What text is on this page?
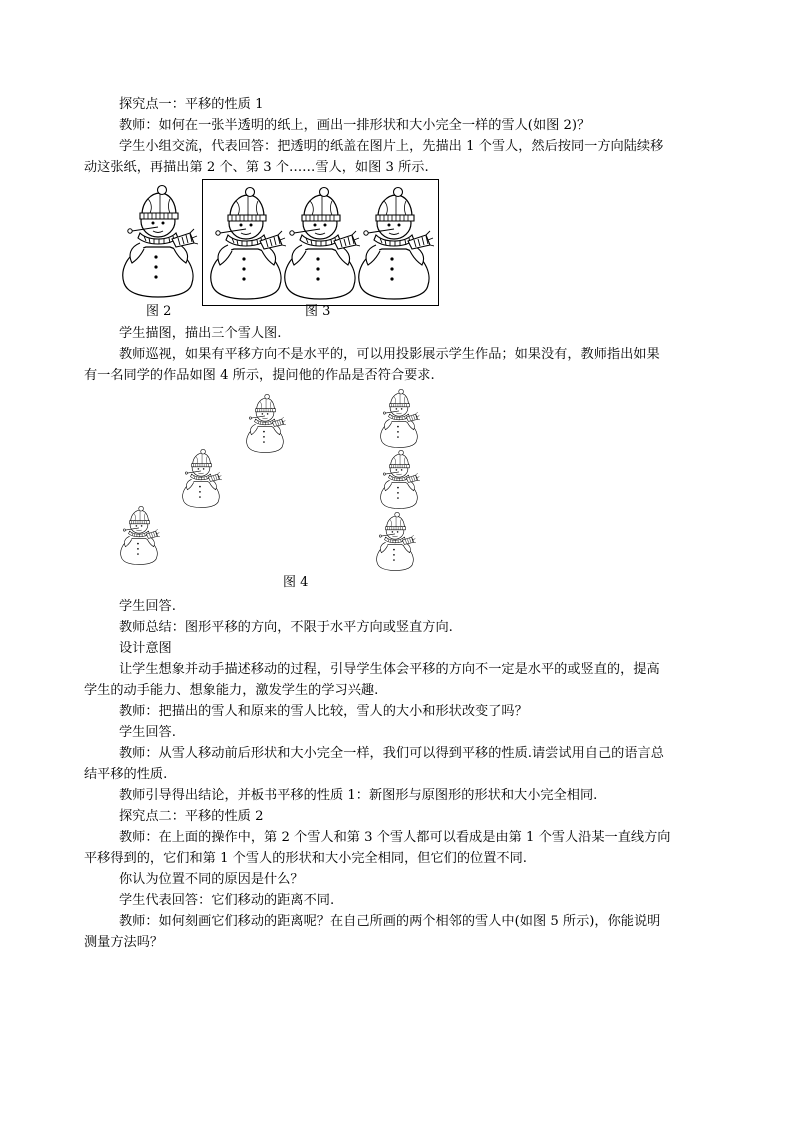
探究点一：平移的性质 1
教师：如何在一张半透明的纸上，画出一排形状和大小完全一样的雪人(如图 2)？
学生小组交流，代表回答：把透明的纸盖在图片上，先描出 1 个雪人，然后按同一方向陆续移
动这张纸，再描出第 2 个、第 3 个……雪人，如图 3 所示.
图 2	图 3
学生描图，描出三个雪人图.
教师巡视，如果有平移方向不是水平的，可以用投影展示学生作品；如果没有，教师指出如果
有一名同学的作品如图 4 所示，提问他的作品是否符合要求.
图 4
学生回答.
教师总结：图形平移的方向，不限于水平方向或竖直方向.
设计意图
让学生想象并动手描述移动的过程，引导学生体会平移的方向不一定是水平的或竖直的，提高
学生的动手能力、想象能力，激发学生的学习兴趣.
教师：把描出的雪人和原来的雪人比较，雪人的大小和形状改变了吗？
学生回答.
教师：从雪人移动前后形状和大小完全一样，我们可以得到平移的性质.请尝试用自己的语言总
结平移的性质.
教师引导得出结论，并板书平移的性质 1：新图形与原图形的形状和大小完全相同.
探究点二：平移的性质 2
教师：在上面的操作中，第 2 个雪人和第 3 个雪人都可以看成是由第 1 个雪人沿某一直线方向
平移得到的，它们和第 1 个雪人的形状和大小完全相同，但它们的位置不同.
你认为位置不同的原因是什么？
学生代表回答：它们移动的距离不同.
教师：如何刻画它们移动的距离呢？在自己所画的两个相邻的雪人中(如图 5 所示)，你能说明
测量方法吗？
